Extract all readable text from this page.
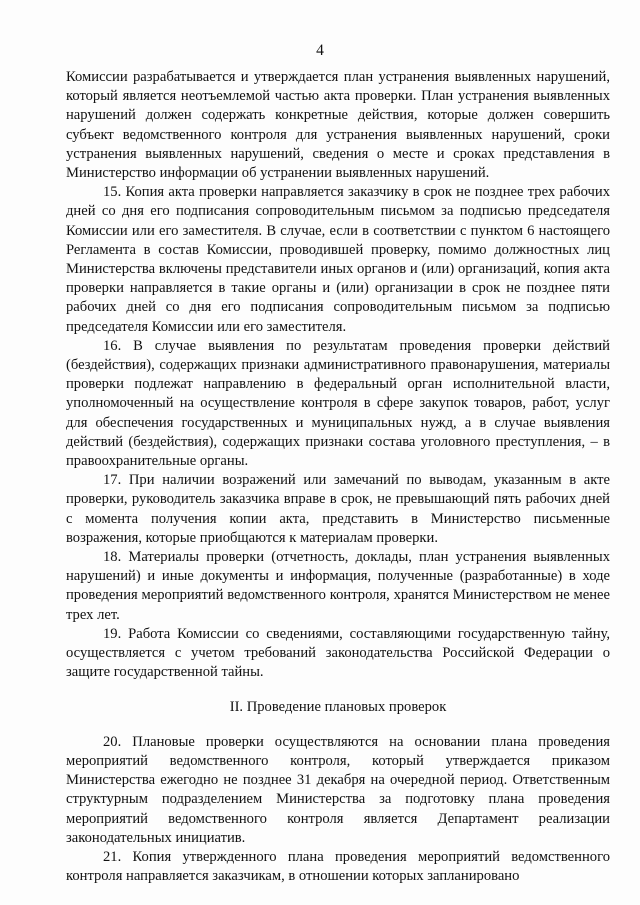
4

Комиссии разрабатывается и утверждается план устранения выявленных нарушений, который является неотъемлемой частью акта проверки. План устранения выявленных нарушений должен содержать конкретные действия, которые должен совершить субъект ведомственного контроля для устранения выявленных нарушений, сроки устранения выявленных нарушений, сведения о месте и сроках представления в Министерство информации об устранении выявленных нарушений.

15. Копия акта проверки направляется заказчику в срок не позднее трех рабочих дней со дня его подписания сопроводительным письмом за подписью председателя Комиссии или его заместителя. В случае, если в соответствии с пунктом 6 настоящего Регламента в состав Комиссии, проводившей проверку, помимо должностных лиц Министерства включены представители иных органов и (или) организаций, копия акта проверки направляется в такие органы и (или) организации в срок не позднее пяти рабочих дней со дня его подписания сопроводительным письмом за подписью председателя Комиссии или его заместителя.

16. В случае выявления по результатам проведения проверки действий (бездействия), содержащих признаки административного правонарушения, материалы проверки подлежат направлению в федеральный орган исполнительной власти, уполномоченный на осуществление контроля в сфере закупок товаров, работ, услуг для обеспечения государственных и муниципальных нужд, а в случае выявления действий (бездействия), содержащих признаки состава уголовного преступления, – в правоохранительные органы.

17. При наличии возражений или замечаний по выводам, указанным в акте проверки, руководитель заказчика вправе в срок, не превышающий пять рабочих дней с момента получения копии акта, представить в Министерство письменные возражения, которые приобщаются к материалам проверки.

18. Материалы проверки (отчетность, доклады, план устранения выявленных нарушений) и иные документы и информация, полученные (разработанные) в ходе проведения мероприятий ведомственного контроля, хранятся Министерством не менее трех лет.

19. Работа Комиссии со сведениями, составляющими государственную тайну, осуществляется с учетом требований законодательства Российской Федерации о защите государственной тайны.

II. Проведение плановых проверок

20. Плановые проверки осуществляются на основании плана проведения мероприятий ведомственного контроля, который утверждается приказом Министерства ежегодно не позднее 31 декабря на очередной период. Ответственным структурным подразделением Министерства за подготовку плана проведения мероприятий ведомственного контроля является Департамент реализации законодательных инициатив.

21. Копия утвержденного плана проведения мероприятий ведомственного контроля направляется заказчикам, в отношении которых запланировано
